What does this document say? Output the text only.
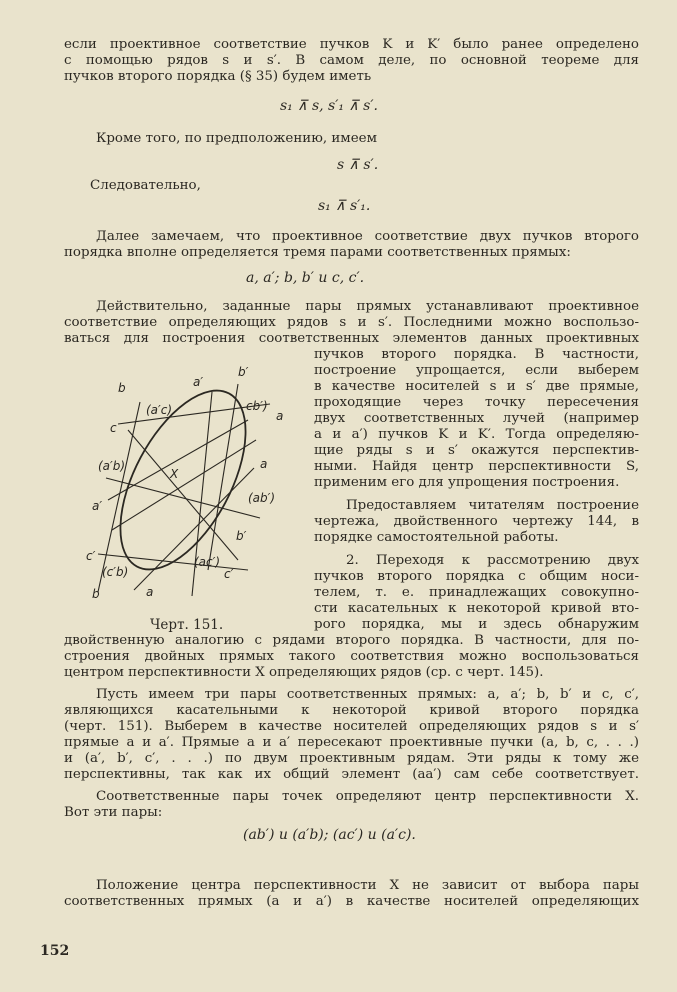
если проективное соответствие пучков K и K′ было ранее определено
с помощью рядов s и s′. В самом деле, по основной теореме для
пучков второго порядка (§ 35) будем иметь
s₁ ⊼ s, s′₁ ⊼ s′.
Кроме того, по предположению, имеем
s ⊼ s′.
Следовательно,
s₁ ⊼ s′₁.
Далее замечаем, что проективное соответствие двух пучков второго
порядка вполне определяется тремя парами соответственных прямых:
a, a′; b, b′ и c, c′.
Действительно, заданные пары прямых устанавливают проективное
соответствие определяющих рядов s и s′. Последними можно воспользо-
ваться для построения соответственных элементов данных проективных
пучков второго порядка. В частности,
построение упрощается, если выберем
в качестве носителей s и s′ две прямые,
проходящие через точку пересечения
двух соответственных лучей (например
a и a′) пучков K и K′. Тогда определяю-
щие ряды s и s′ окажутся перспектив-
ными. Найдя центр перспективности S,
применим его для упрощения построения.
Предоставляем читателям построение
чертежа, двойственного чертежу 144, в
порядке самостоятельной работы.
2. Переходя к рассмотрению двух
пучков второго порядка с общим носи-
телем, т. е. принадлежащих совокупно-
сти касательных к некоторой кривой вто-
рого порядка, мы и здесь обнаружим
двойственную аналогию с рядами второго порядка. В частности, для по-
строения двойных прямых такого соответствия можно воспользоваться
центром перспективности X определяющих рядов (ср. с черт. 145).
Пусть имеем три пары соответственных прямых: a, a′; b, b′ и c, c′,
являющихся касательными к некоторой кривой второго порядка
(черт. 151). Выберем в качестве носителей определяющих рядов s и s′
прямые a и a′. Прямые a и a′ пересекают проективные пучки (a, b, c, . . .)
и (a′, b′, c′, . . .) по двум проективным рядам. Эти ряды к тому же
перспективны, так как их общий элемент (aa′) сам себе соответствует.
Соответственные пары точек определяют центр перспективности X.
Вот эти пары:
(ab′) и (a′b); (ac′) и (a′c).
Положение центра перспективности X не зависит от выбора пары
соответственных прямых (a и a′) в качестве носителей определяющих
152
Черт. 151.
b	a′
b′
(a′c)	cb′)
c
a
(a′b)
X
a
(ab′)
a′
b′
c′	(ac′)
c′
(c′b)
b	a
